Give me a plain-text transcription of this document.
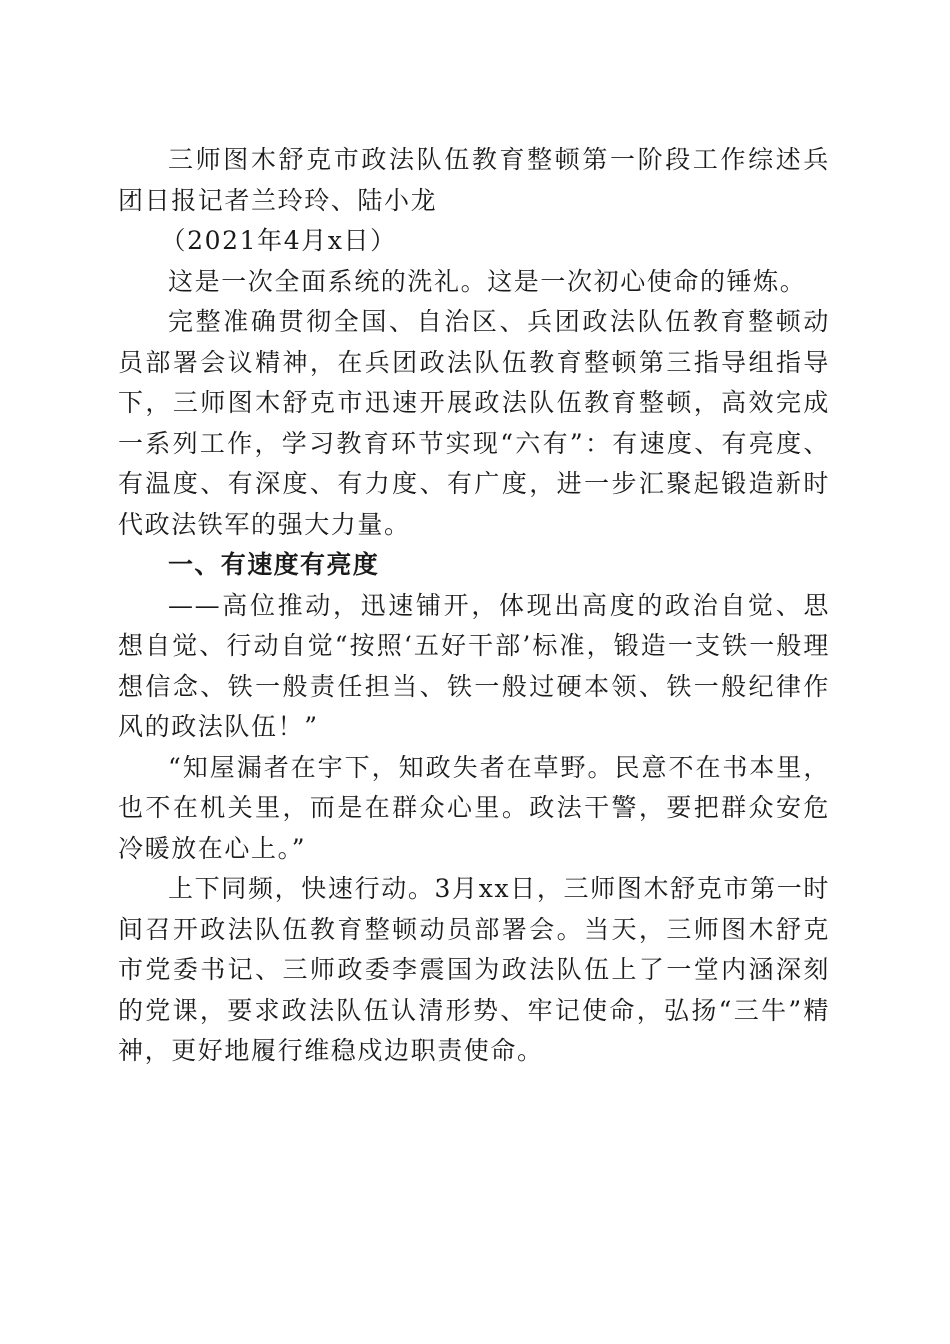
三师图木舒克市政法队伍教育整顿第一阶段工作综述兵团日报记者兰玲玲、陆小龙

（2021年4月x日）

这是一次全面系统的洗礼。这是一次初心使命的锤炼。

完整准确贯彻全国、自治区、兵团政法队伍教育整顿动员部署会议精神，在兵团政法队伍教育整顿第三指导组指导下，三师图木舒克市迅速开展政法队伍教育整顿，高效完成一系列工作，学习教育环节实现“六有”：有速度、有亮度、有温度、有深度、有力度、有广度，进一步汇聚起锻造新时代政法铁军的强大力量。

一、有速度有亮度

——高位推动，迅速铺开，体现出高度的政治自觉、思想自觉、行动自觉“按照‘五好干部’标准，锻造一支铁一般理想信念、铁一般责任担当、铁一般过硬本领、铁一般纪律作风的政法队伍！”

“知屋漏者在宇下，知政失者在草野。民意不在书本里，也不在机关里，而是在群众心里。政法干警，要把群众安危冷暖放在心上。”

上下同频，快速行动。3月xx日，三师图木舒克市第一时间召开政法队伍教育整顿动员部署会。当天，三师图木舒克市党委书记、三师政委李震国为政法队伍上了一堂内涵深刻的党课，要求政法队伍认清形势、牢记使命，弘扬“三牛”精神，更好地履行维稳戍边职责使命。
